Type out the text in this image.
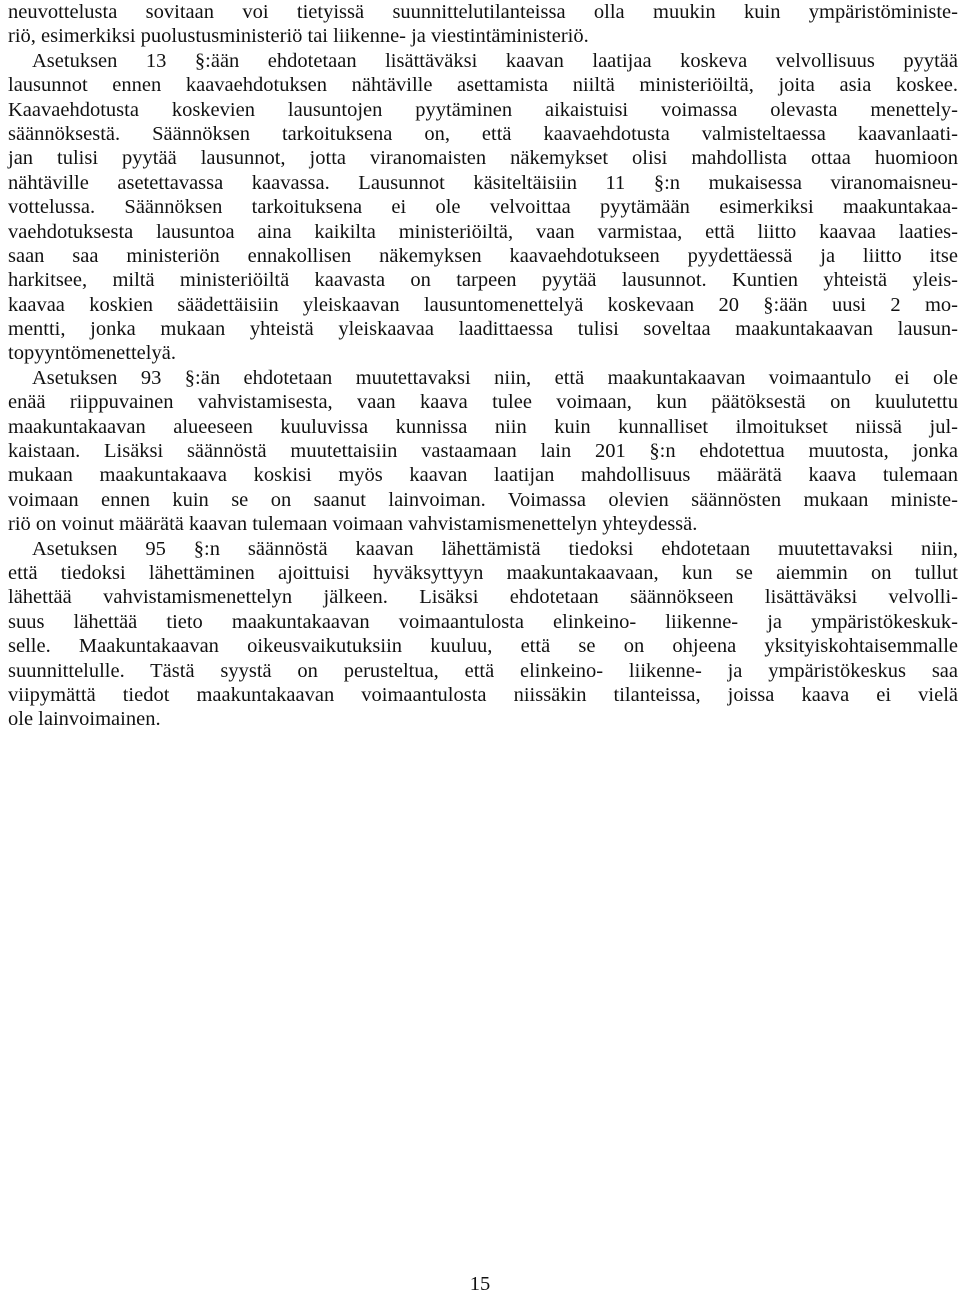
neuvottelusta sovitaan voi tietyissä suunnittelutilanteissa olla muukin kuin ympäristöministe-
riö, esimerkiksi puolustusministeriö tai liikenne- ja viestintäministeriö.
Asetuksen 13 §:ään ehdotetaan lisättäväksi kaavan laatijaa koskeva velvollisuus pyytää
lausunnot ennen kaavaehdotuksen nähtäville asettamista niiltä ministeriöiltä, joita asia koskee.
Kaavaehdotusta koskevien lausuntojen pyytäminen aikaistuisi voimassa olevasta menettely-
säännöksestä. Säännöksen tarkoituksena on, että kaavaehdotusta valmisteltaessa kaavanlaati-
jan tulisi pyytää lausunnot, jotta viranomaisten näkemykset olisi mahdollista ottaa huomioon
nähtäville asetettavassa kaavassa. Lausunnot käsiteltäisiin 11 §:n mukaisessa viranomaisneu-
vottelussa. Säännöksen tarkoituksena ei ole velvoittaa pyytämään esimerkiksi maakuntakaa-
vaehdotuksesta lausuntoa aina kaikilta ministeriöiltä, vaan varmistaa, että liitto kaavaa laaties-
saan saa ministeriön ennakollisen näkemyksen kaavaehdotukseen pyydettäessä ja liitto itse
harkitsee, miltä ministeriöiltä kaavasta on tarpeen pyytää lausunnot. Kuntien yhteistä yleis-
kaavaa koskien säädettäisiin yleiskaavan lausuntomenettelyä koskevaan 20 §:ään uusi 2 mo-
mentti, jonka mukaan yhteistä yleiskaavaa laadittaessa tulisi soveltaa maakuntakaavan lausun-
topyyntömenettelyä.
Asetuksen 93 §:än ehdotetaan muutettavaksi niin, että maakuntakaavan voimaantulo ei ole
enää riippuvainen vahvistamisesta, vaan kaava tulee voimaan, kun päätöksestä on kuulutettu
maakuntakaavan alueeseen kuuluvissa kunnissa niin kuin kunnalliset ilmoitukset niissä jul-
kaistaan. Lisäksi säännöstä muutettaisiin vastaamaan lain 201 §:n ehdotettua muutosta, jonka
mukaan maakuntakaava koskisi myös kaavan laatijan mahdollisuus määrätä kaava tulemaan
voimaan ennen kuin se on saanut lainvoiman. Voimassa olevien säännösten mukaan ministe-
riö on voinut määrätä kaavan tulemaan voimaan vahvistamismenettelyn yhteydessä.
Asetuksen 95 §:n säännöstä kaavan lähettämistä tiedoksi ehdotetaan muutettavaksi niin,
että tiedoksi lähettäminen ajoittuisi hyväksyttyyn maakuntakaavaan, kun se aiemmin on tullut
lähettää vahvistamismenettelyn jälkeen. Lisäksi ehdotetaan säännökseen lisättäväksi velvolli-
suus lähettää tieto maakuntakaavan voimaantulosta elinkeino- liikenne- ja ympäristökeskuk-
selle. Maakuntakaavan oikeusvaikutuksiin kuuluu, että se on ohjeena yksityiskohtaisemmalle
suunnittelulle. Tästä syystä on perusteltua, että elinkeino- liikenne- ja ympäristökeskus saa
viipymättä tiedot maakuntakaavan voimaantulosta niissäkin tilanteissa, joissa kaava ei vielä
ole lainvoimainen.
15
